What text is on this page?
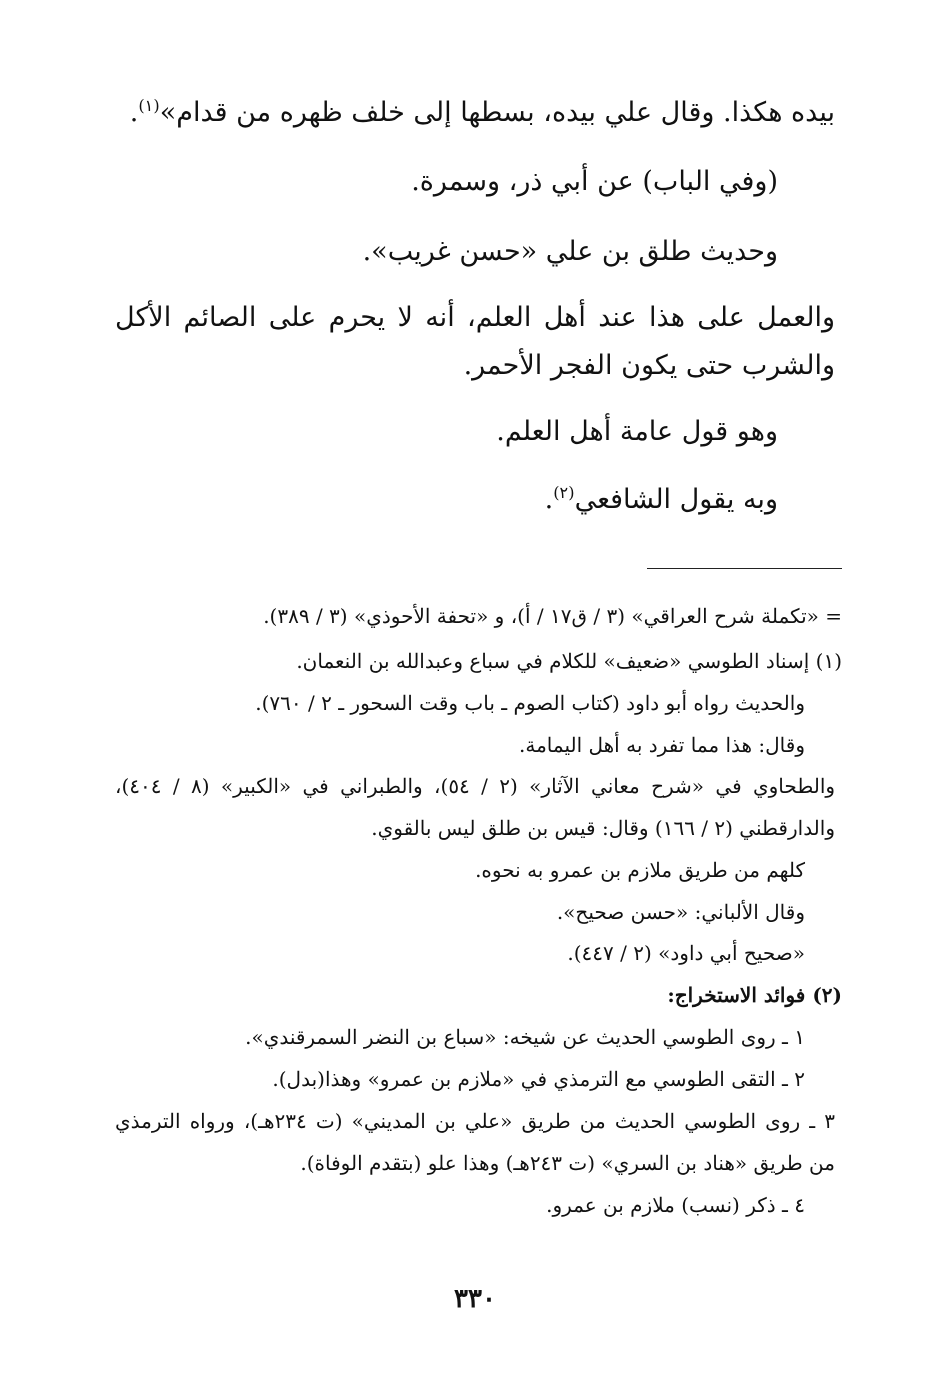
بيده هكذا. وقال علي بيده، بسطها إلى خلف ظهره من قدام»$^{(١)}$.
(وفي الباب) عن أبي ذر، وسمرة.
وحديث طلق بن علي «حسن غريب».
والعمل على هذا عند أهل العلم، أنه لا يحرم على الصائم الأكل
والشرب حتى يكون الفجر الأحمر.
وهو قول عامة أهل العلم.
وبه يقول الشافعي$^{(٢)}$.
= «تكملة شرح العراقي» (٣ / ق١٧ / أ)، و «تحفة الأحوذي» (٣ / ٣٨٩).
(١) إسناد الطوسي «ضعيف» للكلام في سباع وعبدالله بن النعمان.
والحديث رواه أبو داود (كتاب الصوم ـ باب وقت السحور ـ ٢ / ٧٦٠).
وقال: هذا مما تفرد به أهل اليمامة.
والطحاوي في «شرح معاني الآثار» (٢ / ٥٤)، والطبراني في «الكبير» (٨ / ٤٠٤)،
والدارقطني (٢ / ١٦٦) وقال: قيس بن طلق ليس بالقوي.
كلهم من طريق ملازم بن عمرو به نحوه.
وقال الألباني: «حسن صحيح».
«صحيح أبي داود» (٢ / ٤٤٧).
(٢) فوائد الاستخراج:
١ ـ روى الطوسي الحديث عن شيخه: «سباع بن النضر السمرقندي».
٢ ـ التقى الطوسي مع الترمذي في «ملازم بن عمرو» وهذا(بدل).
٣ ـ روى الطوسي الحديث من طريق «علي بن المديني» (ت ٢٣٤هـ)، ورواه الترمذي
من طريق «هناد بن السري» (ت ٢٤٣هـ) وهذا علو (بتقدم الوفاة).
٤ ـ ذكر (نسب) ملازم بن عمرو.
٣٣٠
